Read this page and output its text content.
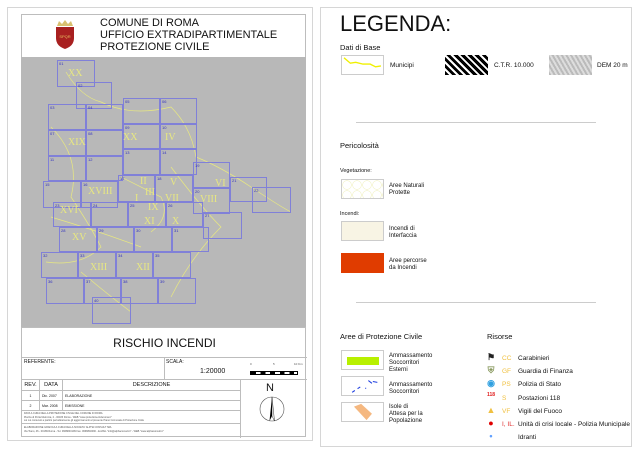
SPQR
COMUNE DI ROMA
UFFICIO EXTRADIPARTIMENTALE
PROTEZIONE CIVILE
01
02
03	04
05	06
07	08
09	10
11	12
13	14
15	16
17	18
19
20
21
22
23	24	25	26
27
28	29	30	31
32	33	34	35
36	37	38	39
40
XX
XIX	XX	IV
XVIII
XVI
II
III
I
V
VII VIII
IX
XI X
XV
XIII	XII
VI
RISCHIO INCENDI
REFERENTE:	SCALA:
1:20000
0	5	10 Km
REV.	DATA	DESCRIZIONE
1	Dic. 2007	ELABORAZIONE
2	Mar. 2008	EMISSIONE
DATA A CURA DELLA PROTEZIONE CIVILE DEL COMUNE DI ROMA
Piazza di Porta Metronia, 2 - 00183 Roma - WEB "www.protezionecivileroma.it"
sui cui contenuti a partirsi periodicamente gli aggiornamenti al presente Piano Comunale di Protezione Civile
ELABORAZIONE GRAFICA A CURA DELLA SOCIETA' ALPHA CONSULT SRL
Via Tiano, 46 - 00189 Roma - Tel. 0668840199 Fax. 0668840090 - E-MAIL "info@alphaconsult.it" - WEB "www.alphaconsult.it"
N
LEGENDA:
Dati di Base
Municipi	C.T.R. 10.000	DEM 20 m
Pericolosità
Vegetazione:
Aree Naturali
Protette
Incendi:
Incendi di
Interfaccia
Aree percorse
da Incendi
Aree di Protezione Civile
Ammassamento
Soccorritori
Esterni
Ammassamento
Soccorritori
Isole di
Attesa per la
Popolazione
Risorse
⚑	CC Carabinieri
⛨	GF Guardia di Finanza
◉	PS Polizia di Stato
118	S Postazioni 118
▲	VF Vigili del Fuoco
●	I, IL. Unità di crisi locale - Polizia Municipale
•	Idranti
